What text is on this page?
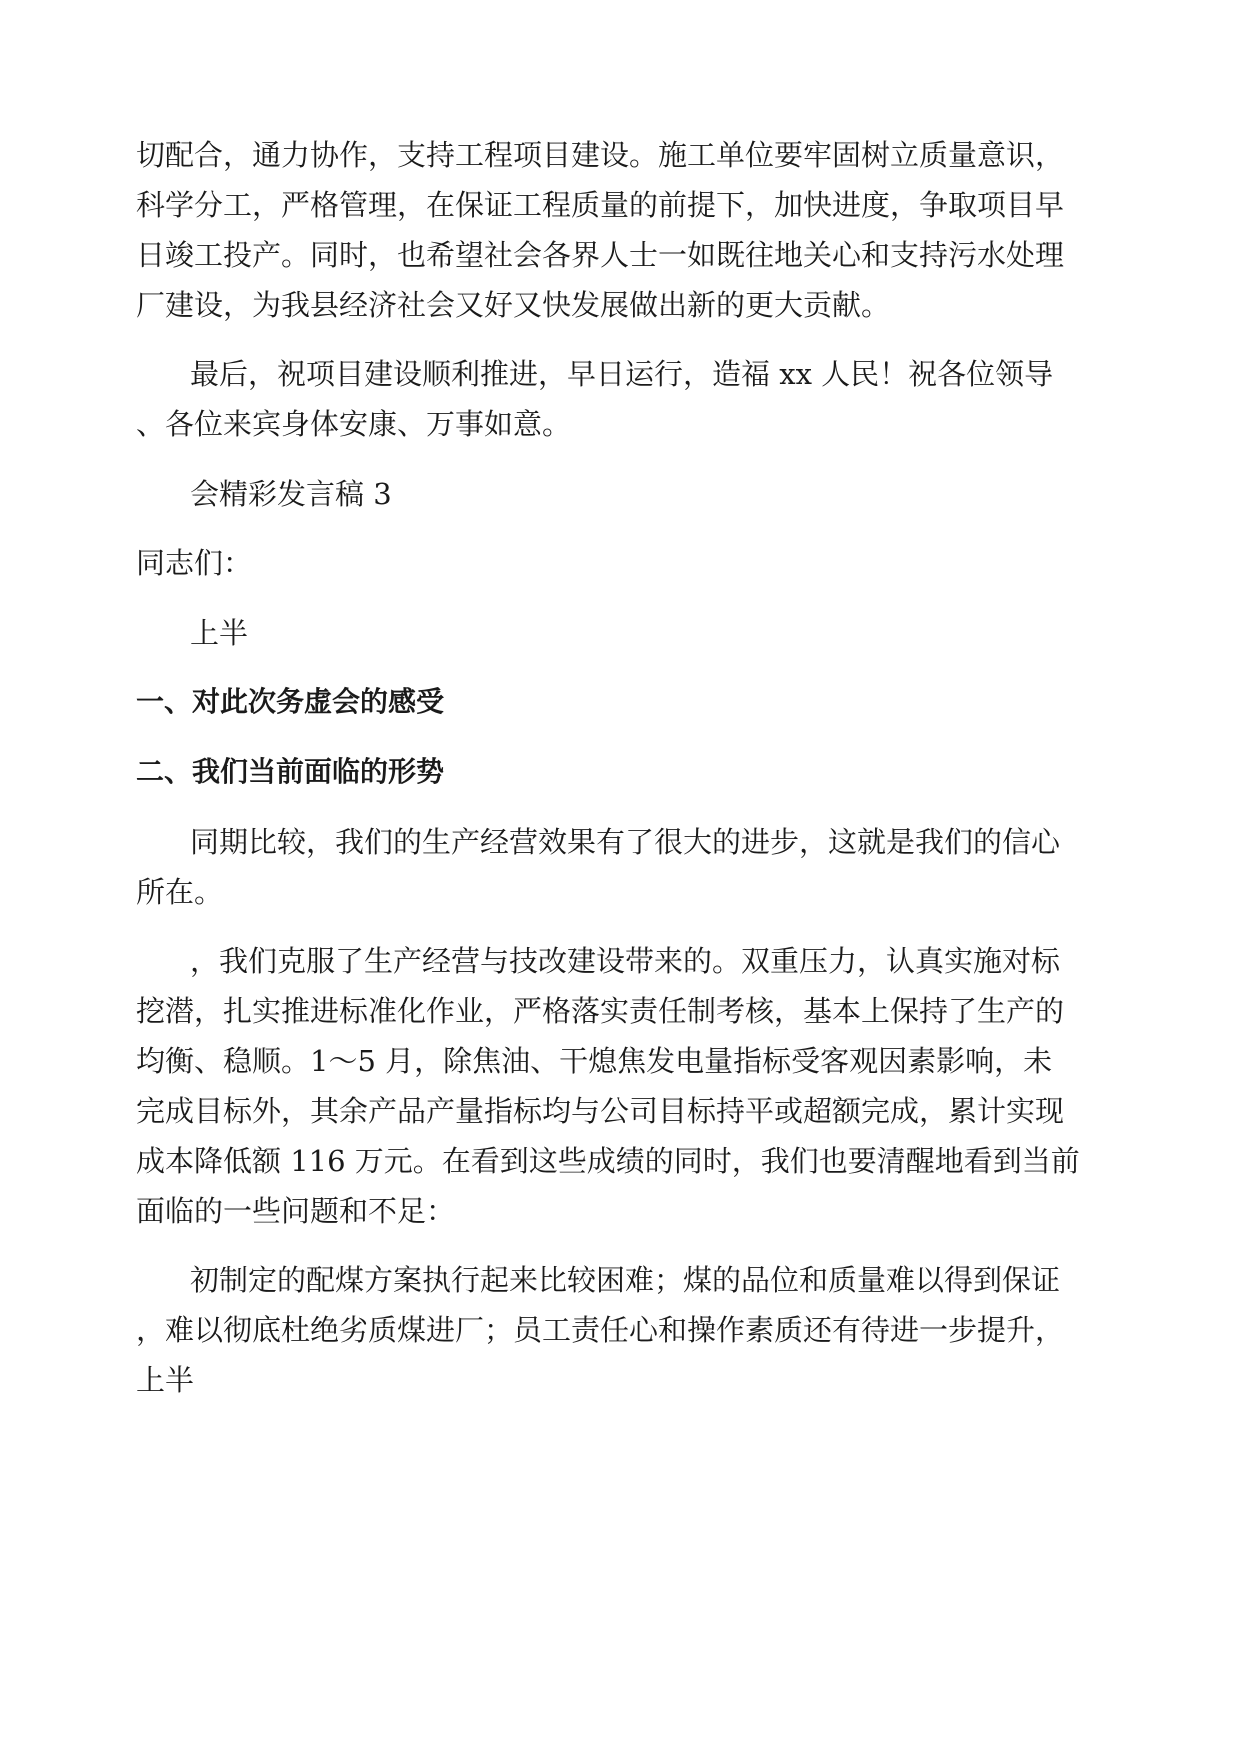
切配合，通力协作，支持工程项目建设。施工单位要牢固树立质量意识，
科学分工，严格管理，在保证工程质量的前提下，加快进度，争取项目早
日竣工投产。同时，也希望社会各界人士一如既往地关心和支持污水处理
厂建设，为我县经济社会又好又快发展做出新的更大贡献。
最后，祝项目建设顺利推进，早日运行，造福 xx 人民！祝各位领导
、各位来宾身体安康、万事如意。
会精彩发言稿 3
同志们：
上半
一、对此次务虚会的感受
二、我们当前面临的形势
同期比较，我们的生产经营效果有了很大的进步，这就是我们的信心
所在。
，我们克服了生产经营与技改建设带来的。双重压力，认真实施对标
挖潜，扎实推进标准化作业，严格落实责任制考核，基本上保持了生产的
均衡、稳顺。1～5 月，除焦油、干熄焦发电量指标受客观因素影响，未
完成目标外，其余产品产量指标均与公司目标持平或超额完成，累计实现
成本降低额 116 万元。在看到这些成绩的同时，我们也要清醒地看到当前
面临的一些问题和不足：
初制定的配煤方案执行起来比较困难；煤的品位和质量难以得到保证
，难以彻底杜绝劣质煤进厂；员工责任心和操作素质还有待进一步提升，
上半
